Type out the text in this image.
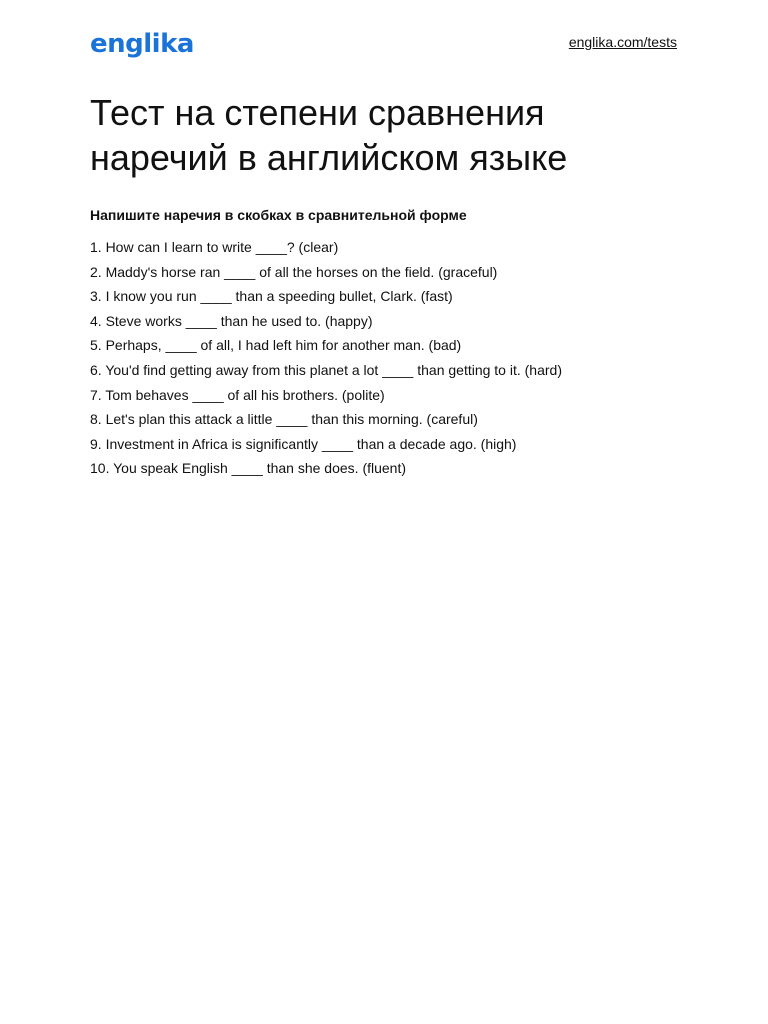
englika	englika.com/tests
Тест на степени сравнения наречий в английском языке

Напишите наречия в скобках в сравнительной форме

1. How can I learn to write ____? (clear)
2. Maddy's horse ran ____ of all the horses on the field. (graceful)
3. I know you run ____ than a speeding bullet, Clark. (fast)
4. Steve works ____ than he used to. (happy)
5. Perhaps, ____ of all, I had left him for another man. (bad)
6. You'd find getting away from this planet a lot ____ than getting to it. (hard)
7. Tom behaves ____ of all his brothers. (polite)
8. Let's plan this attack a little ____ than this morning. (careful)
9. Investment in Africa is significantly ____ than a decade ago. (high)
10. You speak English ____ than she does. (fluent)
